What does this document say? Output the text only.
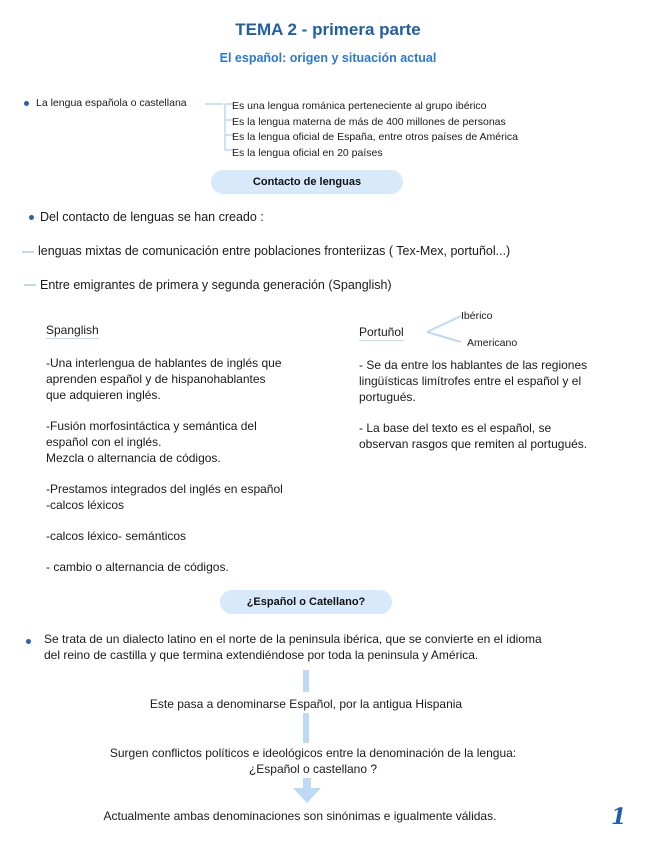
TEMA 2 - primera parte
El español: origen y situación actual
La lengua española o castellana	Es una lengua románica perteneciente al grupo ibérico
Es la lengua materna de más de 400 millones de personas
Es la lengua oficial de España, entre otros países de América
Es la lengua oficial en 20 países
Contacto de lenguas
Del contacto de lenguas se han creado :
lenguas mixtas de comunicación entre poblaciones fronteriizas ( Tex-Mex, portuñol...)
Entre emigrantes de primera y segunda generación (Spanglish)
Spanglish

-Una interlengua de hablantes de inglés que
aprenden español y de hispanohablantes
que adquieren inglés.

-Fusión morfosintáctica y semántica del
español con el inglés.
Mezcla o alternancia de códigos.

-Prestamos integrados del inglés en español
-calcos léxicos

-calcos léxico- semánticos

- cambio o alternancia de códigos.

Portuñol
Ibérico
Americano

- Se da entre los hablantes de las regiones
lingüísticas limítrofes entre el español y el
portugués.

- La base del texto es el español, se
observan rasgos que remiten al portugués.

¿Español o Catellano?
Se trata de un dialecto latino en el norte de la peninsula ibérica, que se convierte en el idioma
del reino de castilla y que termina extendiéndose por toda la peninsula y América.
Este pasa a denominarse Español, por la antigua Hispania
Surgen conflictos políticos e ideológicos entre la denominación de la lengua:
¿Español o castellano ?
Actualmente ambas denominaciones son sinónimas e igualmente válidas.	1
